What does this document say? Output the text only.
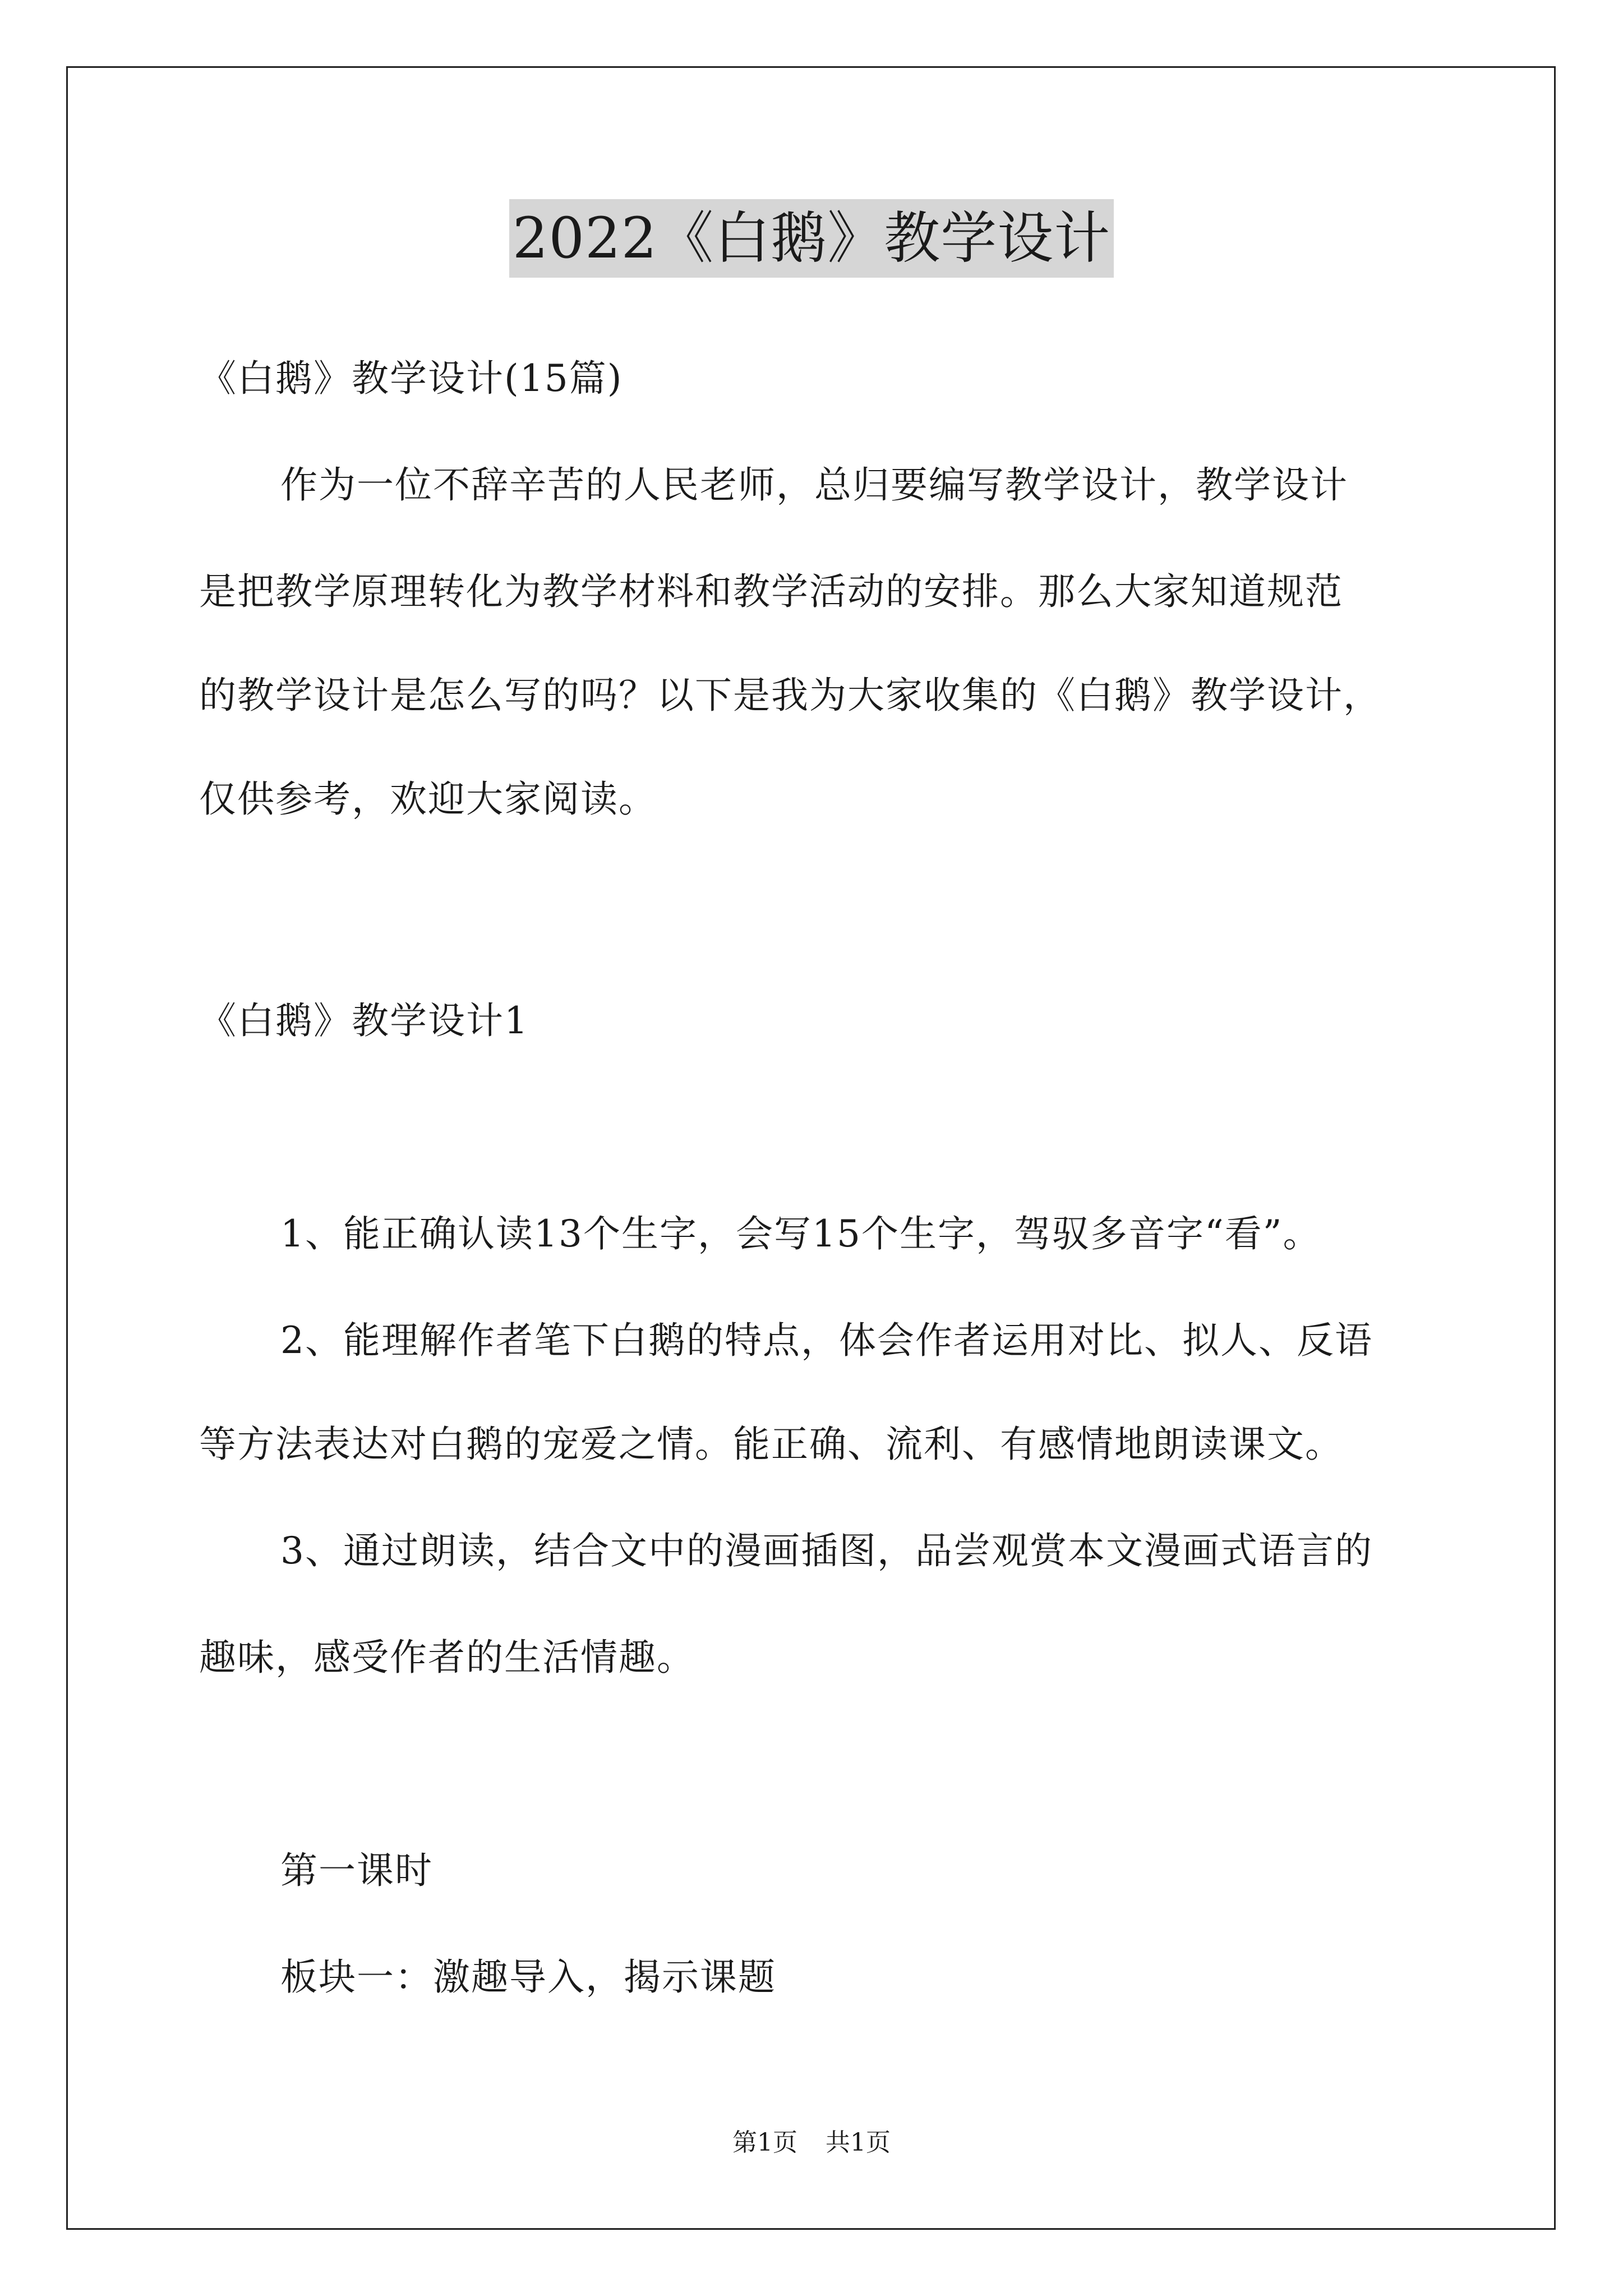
2022《白鹅》教学设计
《白鹅》教学设计(15篇)
作为一位不辞辛苦的人民老师，总归要编写教学设计，教学设计
是把教学原理转化为教学材料和教学活动的安排。那么大家知道规范
的教学设计是怎么写的吗？以下是我为大家收集的《白鹅》教学设计，
仅供参考，欢迎大家阅读。
《白鹅》教学设计1
1、能正确认读13个生字，会写15个生字，驾驭多音字“看”。
2、能理解作者笔下白鹅的特点，体会作者运用对比、拟人、反语
等方法表达对白鹅的宠爱之情。能正确、流利、有感情地朗读课文。
3、通过朗读，结合文中的漫画插图，品尝观赏本文漫画式语言的
趣味，感受作者的生活情趣。
第一课时
板块一：激趣导入，揭示课题
第1页 共1页
